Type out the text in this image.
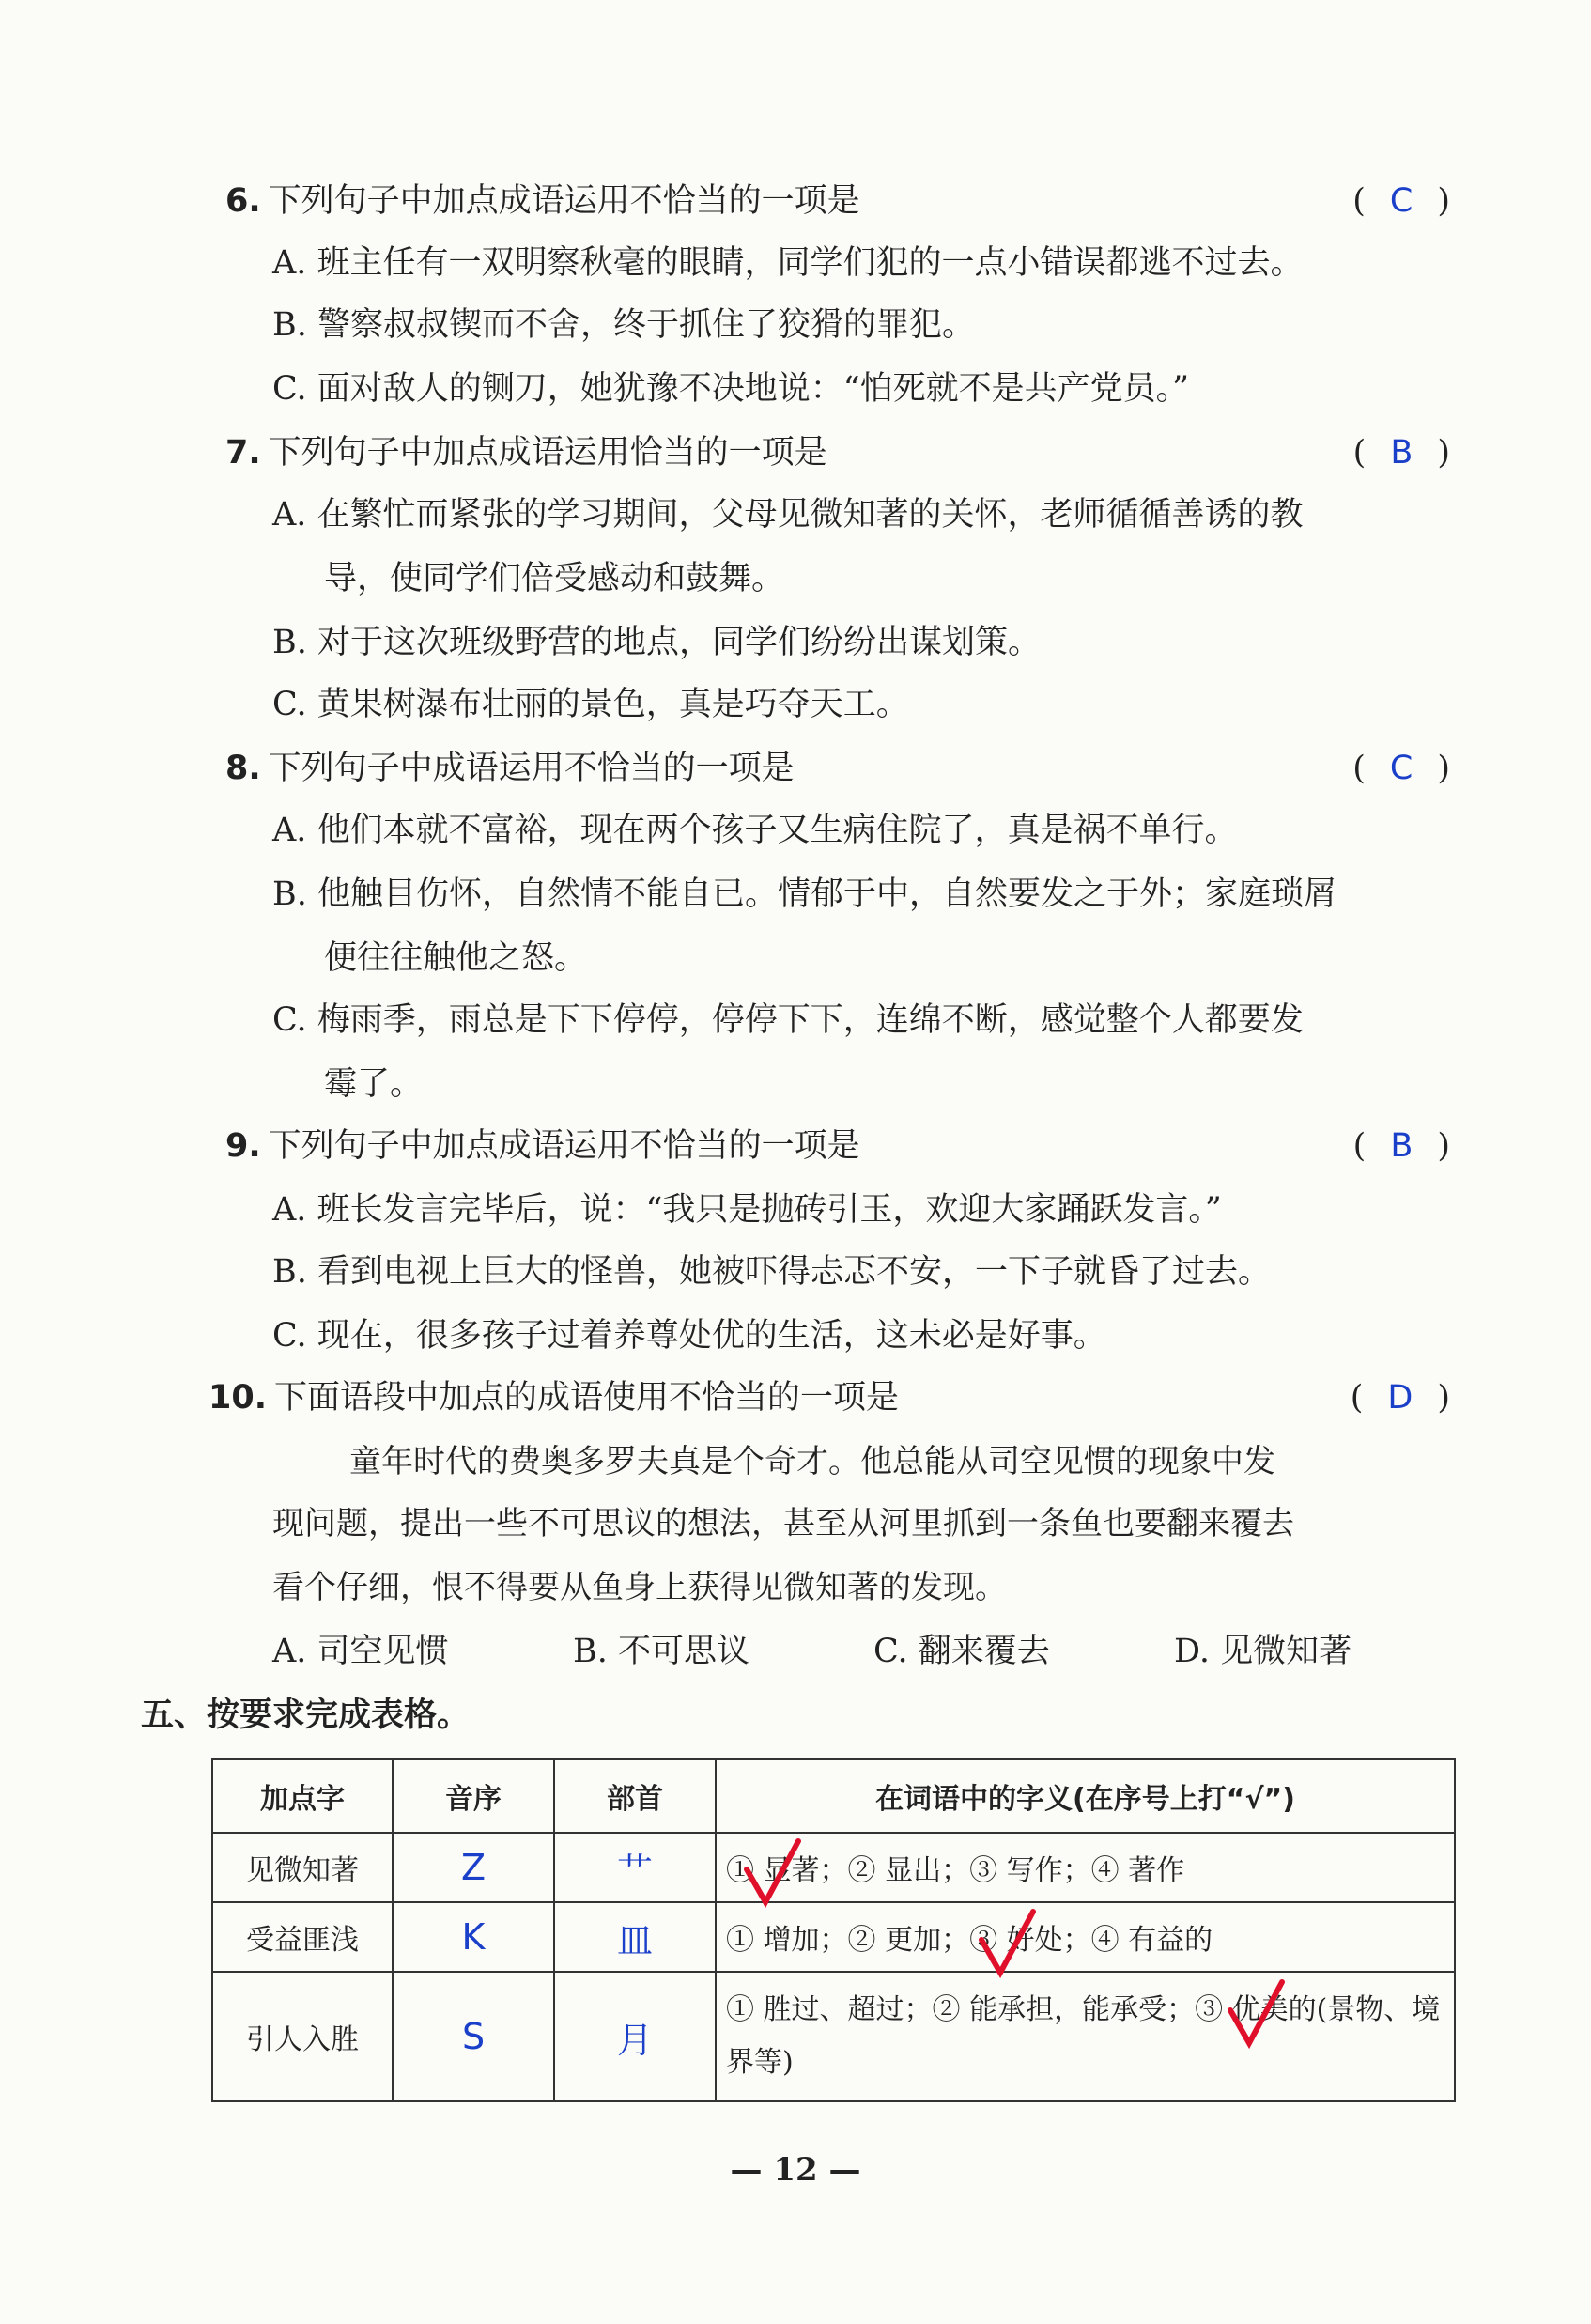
6. 下列句子中加点成语运用不恰当的一项是	( C )
A. 班主任有一双明察秋毫的眼睛，同学们犯的一点小错误都逃不过去。
B. 警察叔叔锲而不舍，终于抓住了狡猾的罪犯。
C. 面对敌人的铡刀，她犹豫不决地说：“怕死就不是共产党员。”
7. 下列句子中加点成语运用恰当的一项是	( B )
A. 在繁忙而紧张的学习期间，父母见微知著的关怀，老师循循善诱的教
导，使同学们倍受感动和鼓舞。
B. 对于这次班级野营的地点，同学们纷纷出谋划策。
C. 黄果树瀑布壮丽的景色，真是巧夺天工。
8. 下列句子中成语运用不恰当的一项是	( C )
A. 他们本就不富裕，现在两个孩子又生病住院了，真是祸不单行。
B. 他触目伤怀，自然情不能自已。情郁于中，自然要发之于外；家庭琐屑
便往往触他之怒。
C. 梅雨季，雨总是下下停停，停停下下，连绵不断，感觉整个人都要发
霉了。
9. 下列句子中加点成语运用不恰当的一项是	( B )
A. 班长发言完毕后，说：“我只是抛砖引玉，欢迎大家踊跃发言。”
B. 看到电视上巨大的怪兽，她被吓得忐忑不安，一下子就昏了过去。
C. 现在，很多孩子过着养尊处优的生活，这未必是好事。
10. 下面语段中加点的成语使用不恰当的一项是	( D )
童年时代的费奥多罗夫真是个奇才。他总能从司空见惯的现象中发
现问题，提出一些不可思议的想法，甚至从河里抓到一条鱼也要翻来覆去
看个仔细，恨不得要从鱼身上获得见微知著的发现。
A. 司空见惯	B. 不可思议	C. 翻来覆去	D. 见微知著
五、按要求完成表格。
加点字	音序	部首	在词语中的字义(在序号上打“√”)
见微知著	Z	艹	① 显著；② 显出；③ 写作；④ 著作
受益匪浅	K	皿	① 增加；② 更加；③ 好处；④ 有益的
引人入胜	S	月	① 胜过、超过；② 能承担，能承受；③ 优美的(景物、境界等)
— 12 —
